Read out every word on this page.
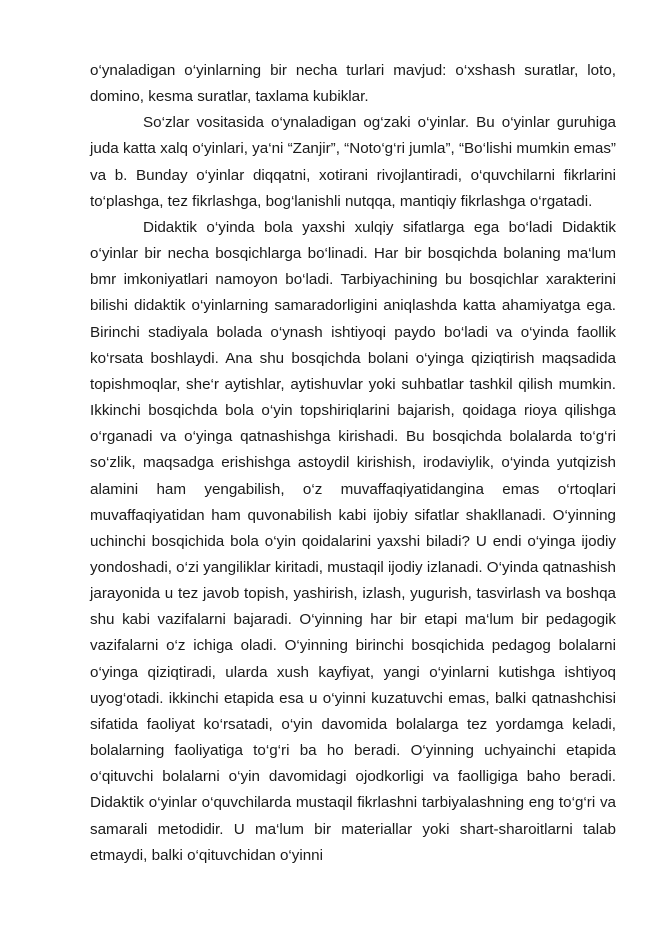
o‘ynaladigan o‘yinlarning bir necha turlari mavjud: o‘xshash suratlar, loto, domino, kesma suratlar, taxlama kubiklar.

So‘zlar vositasida o‘ynaladigan og‘zaki o‘yinlar. Bu o‘yinlar guruhiga juda katta xalq o‘yinlari, ya‘ni “Zanjir”, “Noto‘g‘ri jumla”, “Bo‘lishi mumkin emas” va b. Bunday o‘yinlar diqqatni, xotirani rivojlantiradi, o‘quvchilarni fikrlarini to‘plashga, tez fikrlashga, bog‘lanishli nutqqa, mantiqiy fikrlashga o‘rgatadi.

Didaktik o‘yinda bola yaxshi xulqiy sifatlarga ega bo‘ladi Didaktik o‘yinlar bir necha bosqichlarga bo‘linadi. Har bir bosqichda bolaning ma‘lum bmr imkoniyatlari namoyon bo‘ladi. Tarbiyachining bu bosqichlar xarakterini bilishi didaktik o‘yinlarning samaradorligini aniqlashda katta ahamiyatga ega. Birinchi stadiyala bolada o‘ynash ishtiyoqi paydo bo‘ladi va o‘yinda faollik ko‘rsata boshlaydi. Ana shu bosqichda bolani o‘yinga qiziqtirish maqsadida topishmoqlar, she‘r aytishlar, aytishuvlar yoki suhbatlar tashkil qilish mumkin. Ikkinchi bosqichda bola o‘yin topshiriqlarini bajarish, qoidaga rioya qilishga o‘rganadi va o‘yinga qatnashishga kirishadi. Bu bosqichda bolalarda to‘g‘ri so‘zlik, maqsadga erishishga astoydil kirishish, irodaviylik, o‘yinda yutqizish alamini ham yengabilish, o‘z muvaffaqiyatidangina emas o‘rtoqlari muvaffaqiyatidan ham quvonabilish kabi ijobiy sifatlar shakllanadi. O‘yinning uchinchi bosqichida bola o‘yin qoidalarini yaxshi biladi? U endi o‘yinga ijodiy yondoshadi, o‘zi yangiliklar kiritadi, mustaqil ijodiy izlanadi. O‘yinda qatnashish jarayonida u tez javob topish, yashirish, izlash, yugurish, tasvirlash va boshqa shu kabi vazifalarni bajaradi. O‘yinning har bir etapi ma‘lum bir pedagogik vazifalarni o‘z ichiga oladi. O‘yinning birinchi bosqichida pedagog bolalarni o‘yinga qiziqtiradi, ularda xush kayfiyat, yangi o‘yinlarni kutishga ishtiyoq uyog‘otadi. ikkinchi etapida esa u o‘yinni kuzatuvchi emas, balki qatnashchisi sifatida faoliyat ko‘rsatadi, o‘yin davomida bolalarga tez yordamga keladi, bolalarning faoliyatiga to‘g‘ri ba ho beradi. O‘yinning uchyainchi etapida o‘qituvchi bolalarni o‘yin davomidagi ojodkorligi va faolligiga baho beradi. Didaktik o‘yinlar o‘quvchilarda mustaqil fikrlashni tarbiyalashning eng to‘g‘ri va samarali metodidir. U ma‘lum bir materiallar yoki shart-sharoitlarni talab etmaydi, balki o‘qituvchidan o‘yinni
